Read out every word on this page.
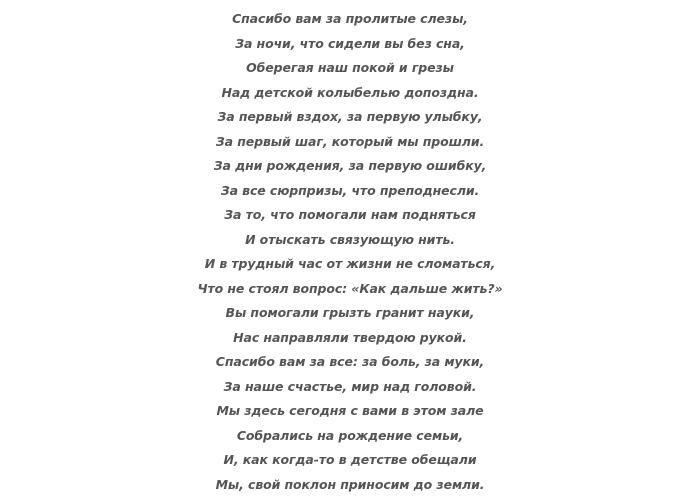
Спасибо вам за пролитые слезы,
За ночи, что сидели вы без сна,
Оберегая наш покой и грезы
Над детской колыбелью допоздна.
За первый вздох, за первую улыбку,
За первый шаг, который мы прошли.
За дни рождения, за первую ошибку,
За все сюрпризы, что преподнесли.
За то, что помогали нам подняться
И отыскать связующую нить.
И в трудный час от жизни не сломаться,
Что не стоял вопрос: «Как дальше жить?»
Вы помогали грызть гранит науки,
Нас направляли твердою рукой.
Спасибо вам за все: за боль, за муки,
За наше счастье, мир над головой.
Мы здесь сегодня с вами в этом зале
Собрались на рождение семьи,
И, как когда-то в детстве обещали
Мы, свой поклон приносим до земли.
